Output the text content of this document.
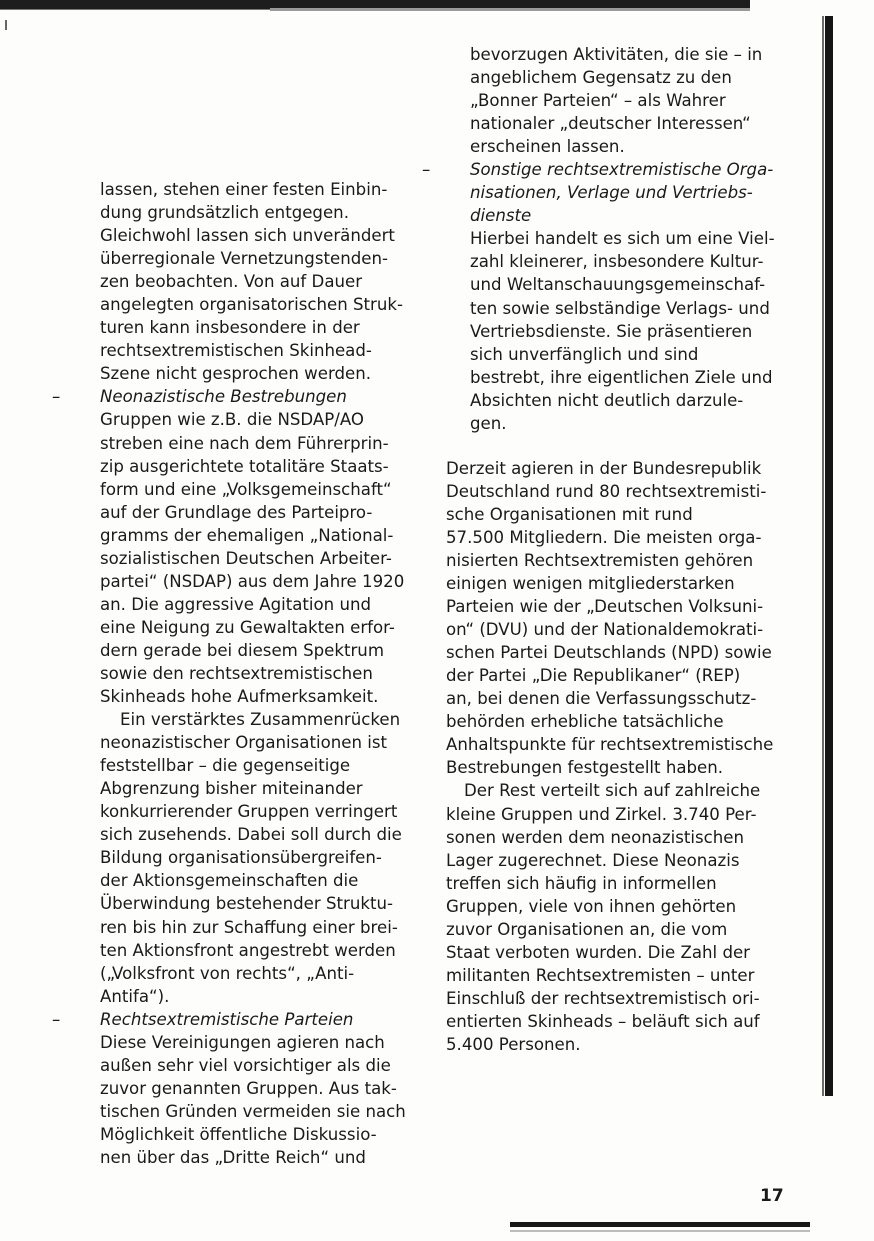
lassen, stehen einer festen Einbin-
dung grundsätzlich entgegen.
Gleichwohl lassen sich unverändert
überregionale Vernetzungstenden-
zen beobachten. Von auf Dauer
angelegten organisatorischen Struk-
turen kann insbesondere in der
rechtsextremistischen Skinhead-
Szene nicht gesprochen werden.
– Neonazistische Bestrebungen
Gruppen wie z.B. die NSDAP/AO
streben eine nach dem Führerprin-
zip ausgerichtete totalitäre Staats-
form und eine „Volksgemeinschaft“
auf der Grundlage des Parteipro-
gramms der ehemaligen „National-
sozialistischen Deutschen Arbeiter-
partei“ (NSDAP) aus dem Jahre 1920
an. Die aggressive Agitation und
eine Neigung zu Gewaltakten erfor-
dern gerade bei diesem Spektrum
sowie den rechtsextremistischen
Skinheads hohe Aufmerksamkeit.
Ein verstärktes Zusammenrücken
neonazistischer Organisationen ist
feststellbar – die gegenseitige
Abgrenzung bisher miteinander
konkurrierender Gruppen verringert
sich zusehends. Dabei soll durch die
Bildung organisationsübergreifen-
der Aktionsgemeinschaften die
Überwindung bestehender Struktu-
ren bis hin zur Schaffung einer brei-
ten Aktionsfront angestrebt werden
(„Volksfront von rechts“, „Anti-
Antifa“).
– Rechtsextremistische Parteien
Diese Vereinigungen agieren nach
außen sehr viel vorsichtiger als die
zuvor genannten Gruppen. Aus tak-
tischen Gründen vermeiden sie nach
Möglichkeit öffentliche Diskussio-
nen über das „Dritte Reich“ und
bevorzugen Aktivitäten, die sie – in
angeblichem Gegensatz zu den
„Bonner Parteien“ – als Wahrer
nationaler „deutscher Interessen“
erscheinen lassen.
– Sonstige rechtsextremistische Orga-
nisationen, Verlage und Vertriebs-
dienste
Hierbei handelt es sich um eine Viel-
zahl kleinerer, insbesondere Kultur-
und Weltanschauungsgemeinschaf-
ten sowie selbständige Verlags- und
Vertriebsdienste. Sie präsentieren
sich unverfänglich und sind
bestrebt, ihre eigentlichen Ziele und
Absichten nicht deutlich darzule-
gen.
Derzeit agieren in der Bundesrepublik
Deutschland rund 80 rechtsextremisti-
sche Organisationen mit rund
57.500 Mitgliedern. Die meisten orga-
nisierten Rechtsextremisten gehören
einigen wenigen mitgliederstarken
Parteien wie der „Deutschen Volksuni-
on“ (DVU) und der Nationaldemokrati-
schen Partei Deutschlands (NPD) sowie
der Partei „Die Republikaner“ (REP)
an, bei denen die Verfassungsschutz-
behörden erhebliche tatsächliche
Anhaltspunkte für rechtsextremistische
Bestrebungen festgestellt haben.
Der Rest verteilt sich auf zahlreiche
kleine Gruppen und Zirkel. 3.740 Per-
sonen werden dem neonazistischen
Lager zugerechnet. Diese Neonazis
treffen sich häufig in informellen
Gruppen, viele von ihnen gehörten
zuvor Organisationen an, die vom
Staat verboten wurden. Die Zahl der
militanten Rechtsextremisten – unter
Einschluß der rechtsextremistisch ori-
entierten Skinheads – beläuft sich auf
5.400 Personen.
17
